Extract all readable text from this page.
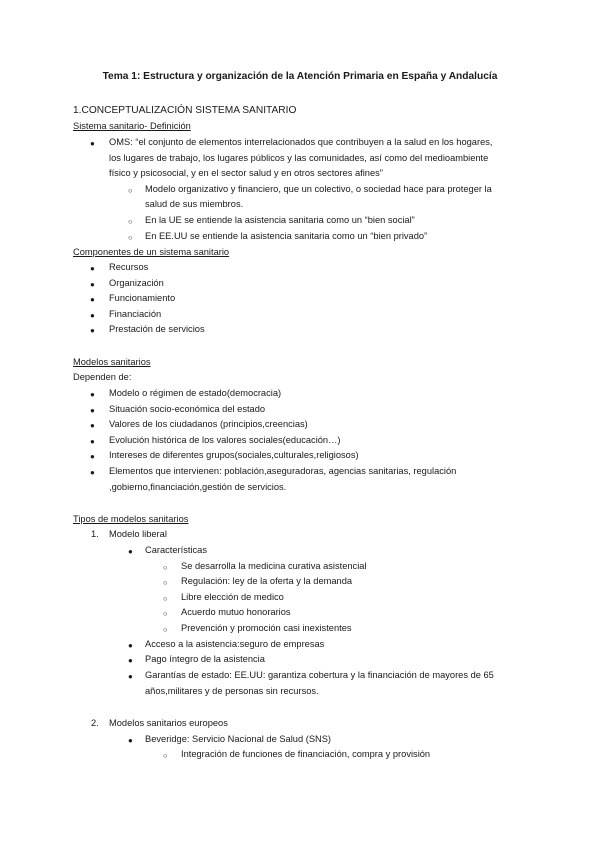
Tema 1: Estructura y organización de la Atención Primaria en España y Andalucía
1.CONCEPTUALIZACIÓN SISTEMA SANITARIO
Sistema sanitario- Definición
● OMS: “el conjunto de elementos interrelacionados que contribuyen a la salud en los hogares,
los lugares de trabajo, los lugares públicos y las comunidades, así como del medioambiente
físico y psicosocial, y en el sector salud y en otros sectores afines”
○ Modelo organizativo y financiero, que un colectivo, o sociedad hace para proteger la
salud de sus miembros.
○ En la UE se entiende la asistencia sanitaria como un “bien social”
○ En EE.UU se entiende la asistencia sanitaria como un “bien privado”
Componentes de un sistema sanitario
● Recursos
● Organización
● Funcionamiento
● Financiación
● Prestación de servicios
Modelos sanitarios
Dependen de:
● Modelo o régimen de estado(democracia)
● Situación socio-económica del estado
● Valores de los ciudadanos (principios,creencias)
● Evolución histórica de los valores sociales(educación…)
● Intereses de diferentes grupos(sociales,culturales,religiosos)
● Elementos que intervienen: población,aseguradoras, agencias sanitarias, regulación
,gobierno,financiación,gestión de servicios.
Tipos de modelos sanitarios
1. Modelo liberal
● Características
○ Se desarrolla la medicina curativa asistencial
○ Regulación: ley de la oferta y la demanda
○ Libre elección de medico
○ Acuerdo mutuo honorarios
○ Prevención y promoción casi inexistentes
● Acceso a la asistencia:seguro de empresas
● Pago íntegro de la asistencia
● Garantías de estado: EE.UU: garantiza cobertura y la financiación de mayores de 65
años,militares y de personas sin recursos.
2. Modelos sanitarios europeos
● Beveridge: Servicio Nacional de Salud (SNS)
○ Integración de funciones de financiación, compra y provisión
